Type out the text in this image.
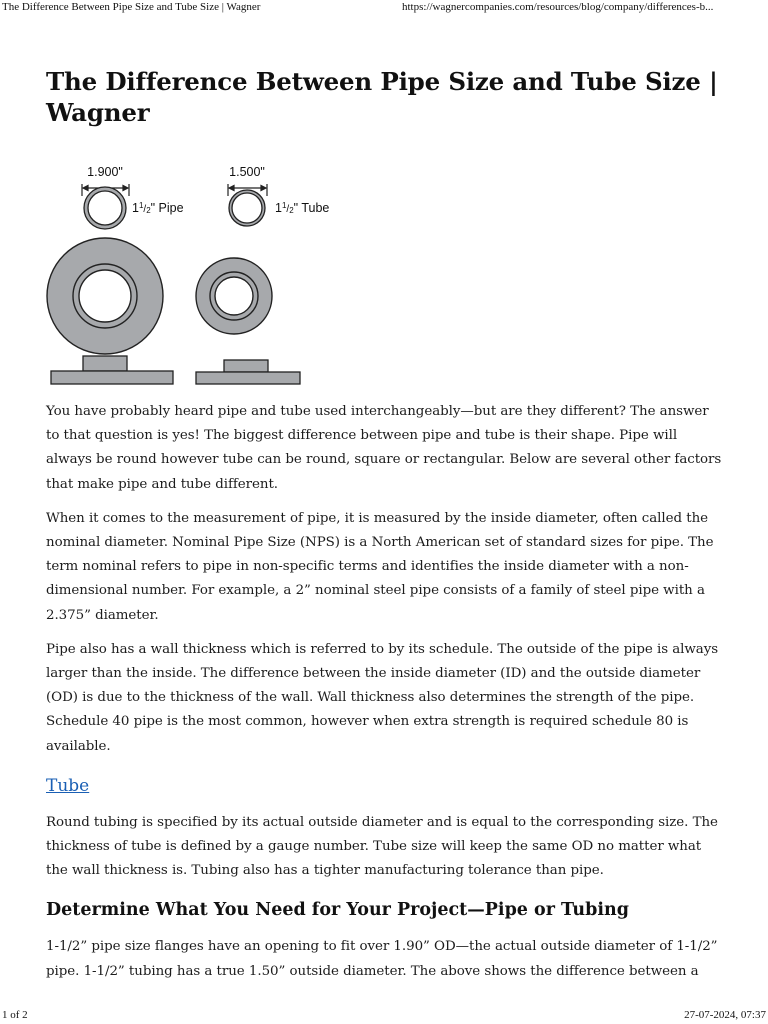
The Difference Between Pipe Size and Tube Size | Wagner	https://wagnercompanies.com/resources/blog/company/differences-b...
The Difference Between Pipe Size and Tube Size | Wagner
1.900"
$1^1_/2$" Pipe
1.500"
$1^1_/2$" Tube

You have probably heard pipe and tube used interchangeably—but are they different? The answer to that question is yes! The biggest difference between pipe and tube is their shape. Pipe will always be round however tube can be round, square or rectangular. Below are several other factors that make pipe and tube different.

When it comes to the measurement of pipe, it is measured by the inside diameter, often called the nominal diameter. Nominal Pipe Size (NPS) is a North American set of standard sizes for pipe. The term nominal refers to pipe in non-specific terms and identifies the inside diameter with a non-dimensional number. For example, a 2” nominal steel pipe consists of a family of steel pipe with a 2.375” diameter.

Pipe also has a wall thickness which is referred to by its schedule. The outside of the pipe is always larger than the inside. The difference between the inside diameter (ID) and the outside diameter (OD) is due to the thickness of the wall. Wall thickness also determines the strength of the pipe. Schedule 40 pipe is the most common, however when extra strength is required schedule 80 is available.

Tube

Round tubing is specified by its actual outside diameter and is equal to the corresponding size. The thickness of tube is defined by a gauge number. Tube size will keep the same OD no matter what the wall thickness is. Tubing also has a tighter manufacturing tolerance than pipe.

Determine What You Need for Your Project—Pipe or Tubing

1-1/2” pipe size flanges have an opening to fit over 1.90” OD—the actual outside diameter of 1-1/2” pipe. 1-1/2” tubing has a true 1.50” outside diameter. The above shows the difference between a

1 of 2	27-07-2024, 07:37
